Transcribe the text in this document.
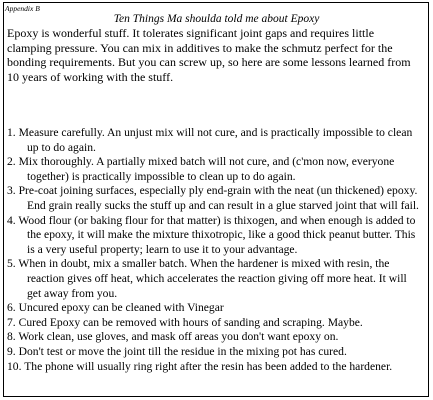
Appendix B
Ten Things Ma shoulda told me about Epoxy
Epoxy is wonderful stuff. It tolerates significant joint gaps and requires little clamping pressure. You can mix in additives to make the schmutz perfect for the bonding requirements. But you can screw up, so here are some lessons learned from 10 years of working with the stuff.
1. Measure carefully. An unjust mix will not cure, and is practically impossible to clean up to do again.
2. Mix thoroughly. A partially mixed batch will not cure, and (c'mon now, everyone together) is practically impossible to clean up to do again.
3. Pre-coat joining surfaces, especially ply end-grain with the neat (un thickened) epoxy. End grain really sucks the stuff up and can result in a glue starved joint that will fail.
4. Wood flour (or baking flour for that matter) is thixogen, and when enough is added to the epoxy, it will make the mixture thixotropic, like a good thick peanut butter. This is a very useful property; learn to use it to your advantage.
5. When in doubt, mix a smaller batch. When the hardener is mixed with resin, the reaction gives off heat, which accelerates the reaction giving off more heat. It will get away from you.
6. Uncured epoxy can be cleaned with Vinegar
7. Cured Epoxy can be removed with hours of sanding and scraping. Maybe.
8. Work clean, use gloves, and mask off areas you don't want epoxy on.
9. Don't test or move the joint till the residue in the mixing pot has cured.
10. The phone will usually ring right after the resin has been added to the hardener.
